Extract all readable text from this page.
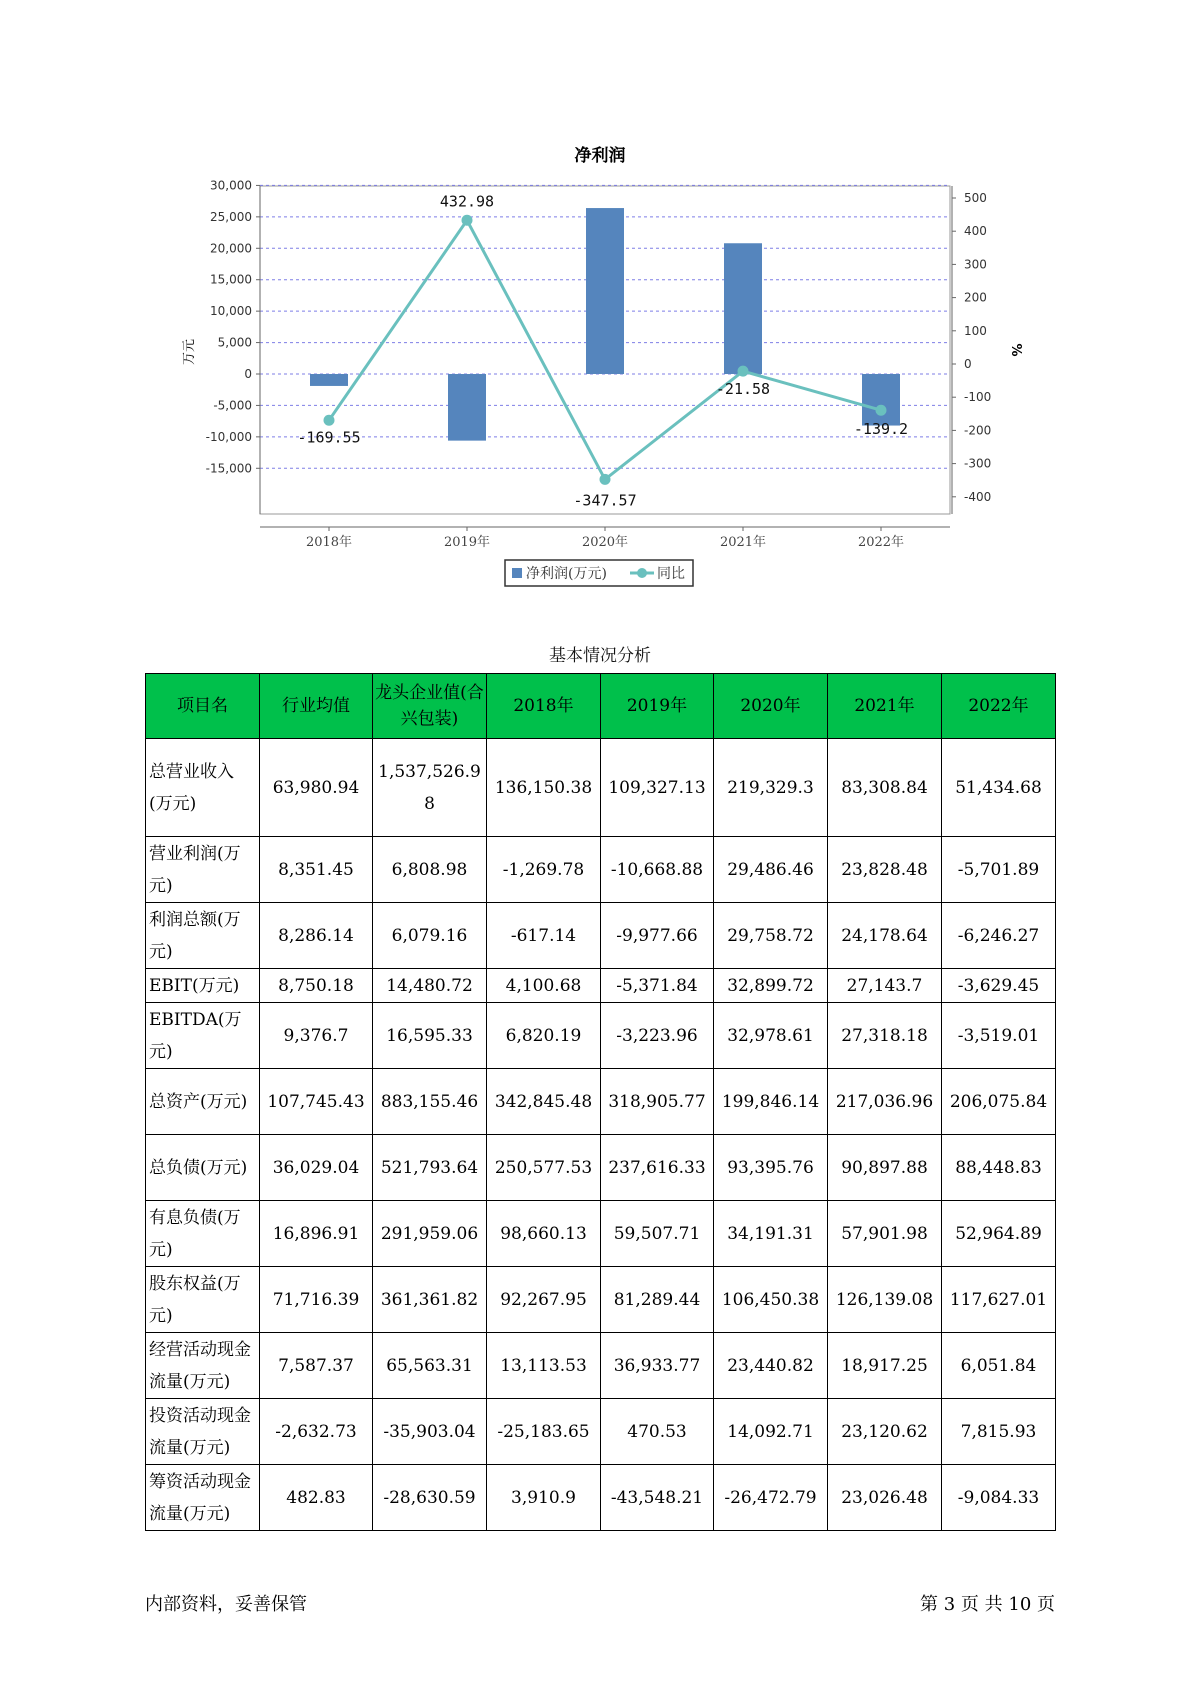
净利润
30,000
25,000
20,000
15,000
10,000
5,000
0
-5,000
-10,000
-15,000
500
400
300
200
100
0
-100
-200
-300
-400
-169.55
432.98
-347.57
-21.58
-139.2
2018年	2019年	2020年	2021年	2022年
万元	%
净利润(万元)	同比
基本情况分析
项目名	行业均值	龙头企业值(合兴包装)	2018年	2019年	2020年	2021年	2022年
总营业收入(万元)	63,980.94	1,537,526.98	136,150.38	109,327.13	219,329.3	83,308.84	51,434.68
营业利润(万元)	8,351.45	6,808.98	-1,269.78	-10,668.88	29,486.46	23,828.48	-5,701.89
利润总额(万元)	8,286.14	6,079.16	-617.14	-9,977.66	29,758.72	24,178.64	-6,246.27
EBIT(万元)	8,750.18	14,480.72	4,100.68	-5,371.84	32,899.72	27,143.7	-3,629.45
EBITDA(万元)	9,376.7	16,595.33	6,820.19	-3,223.96	32,978.61	27,318.18	-3,519.01
总资产(万元)	107,745.43	883,155.46	342,845.48	318,905.77	199,846.14	217,036.96	206,075.84
总负债(万元)	36,029.04	521,793.64	250,577.53	237,616.33	93,395.76	90,897.88	88,448.83
有息负债(万元)	16,896.91	291,959.06	98,660.13	59,507.71	34,191.31	57,901.98	52,964.89
股东权益(万元)	71,716.39	361,361.82	92,267.95	81,289.44	106,450.38	126,139.08	117,627.01
经营活动现金流量(万元)	7,587.37	65,563.31	13,113.53	36,933.77	23,440.82	18,917.25	6,051.84
投资活动现金流量(万元)	-2,632.73	-35,903.04	-25,183.65	470.53	14,092.71	23,120.62	7,815.93
筹资活动现金流量(万元)	482.83	-28,630.59	3,910.9	-43,548.21	-26,472.79	23,026.48	-9,084.33
内部资料，妥善保管	第 3 页 共 10 页
